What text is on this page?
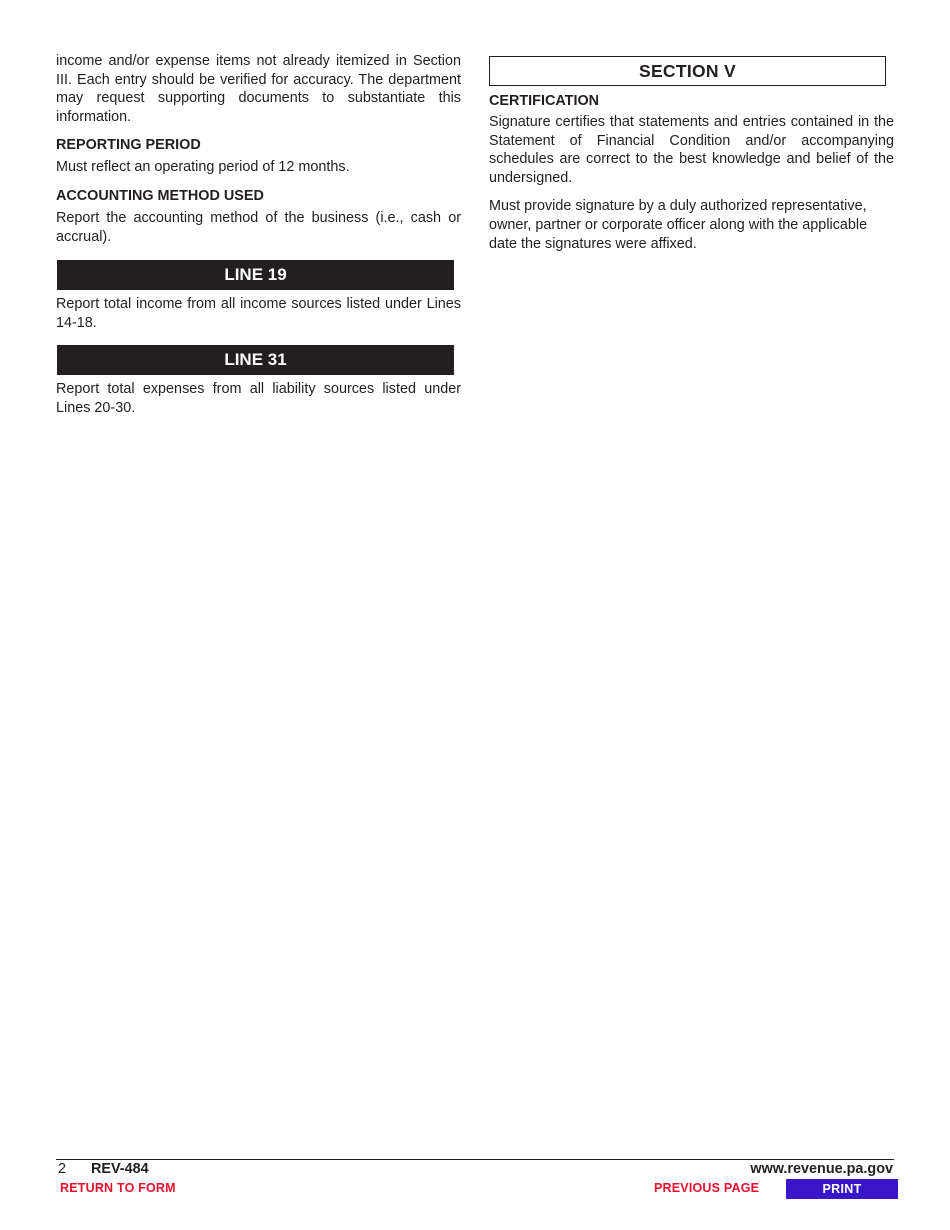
income and/or expense items not already itemized in Section III. Each entry should be verified for accuracy. The department may request supporting documents to substantiate this information.

REPORTING PERIOD

Must reflect an operating period of 12 months.

ACCOUNTING METHOD USED

Report the accounting method of the business (i.e., cash or accrual).

LINE 19

Report total income from all income sources listed under Lines 14-18.

LINE 31

Report total expenses from all liability sources listed under Lines 20-30.

SECTION V

CERTIFICATION

Signature certifies that statements and entries contained in the Statement of Financial Condition and/or accompanying schedules are correct to the best knowledge and belief of the undersigned.

Must provide signature by a duly authorized representative, owner, partner or corporate officer along with the applicable date the signatures were affixed.

2 REV-484	www.revenue.pa.gov
RETURN TO FORM	PREVIOUS PAGE	PRINT
